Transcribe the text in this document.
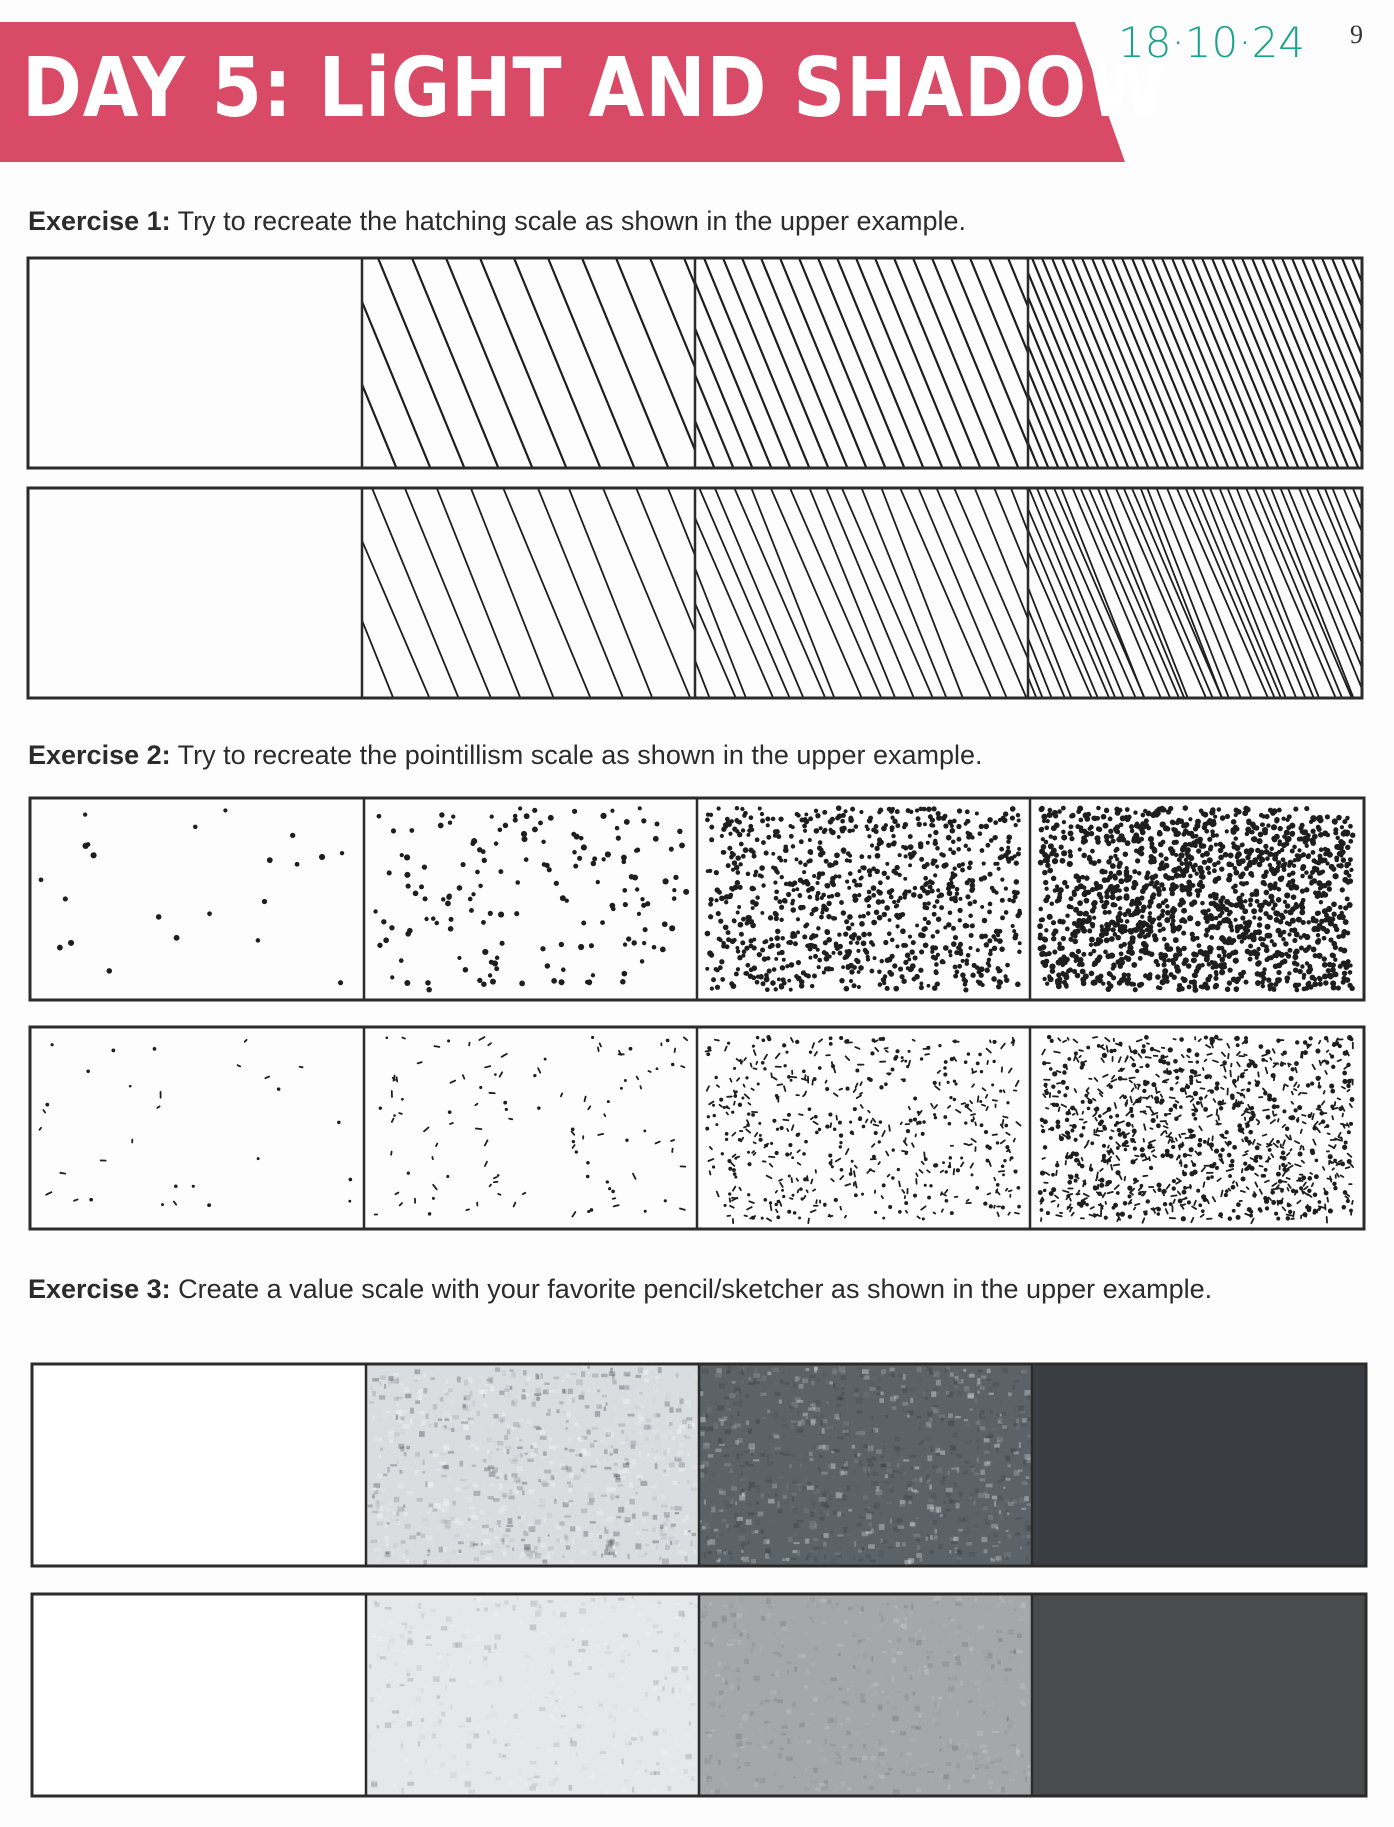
DAY 5: LiGHT AND SHADOW
18·10·24 9
Exercise 1: Try to recreate the hatching scale as shown in the upper example.
Exercise 2: Try to recreate the pointillism scale as shown in the upper example.
Exercise 3: Create a value scale with your favorite pencil/sketcher as shown in the upper example.
